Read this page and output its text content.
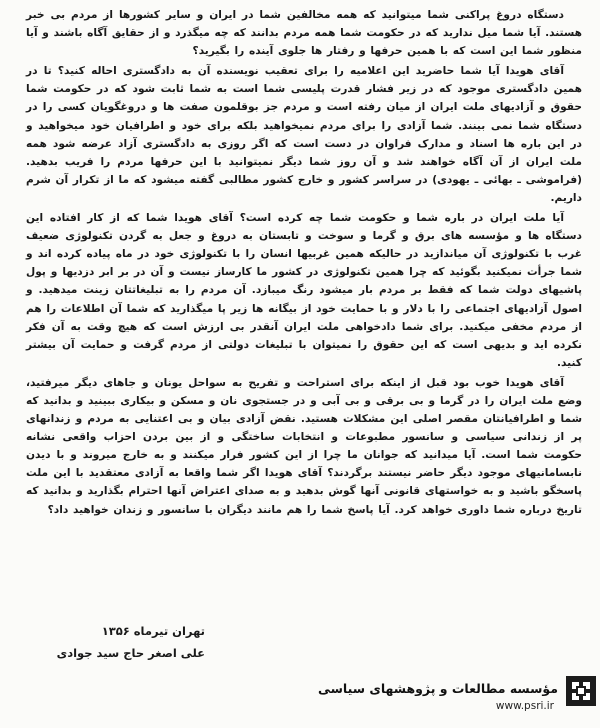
دستگاه دروغ پراکنی شما میتوانید که همه مخالفین شما در ایران و سایر کشورها از مردم بی خبر هستند. آیا شما میل ندارید که در حکومت شما همه مردم بدانند که چه میگذرد و از حقایق آگاه باشند و آیا منظور شما این است که با همین حرفها و رفتار ها جلوی آینده را بگیرید؟

آقای هویدا آیا شما حاضرید این اعلامیه را برای تعقیب نویسنده آن به دادگستری احاله کنید؟ تا در همین دادگستری موجود که در زیر فشار قدرت پلیسی شما است به شما ثابت شود که در حکومت شما حقوق و آزادیهای ملت ایران از میان رفته است و مردم جز بوقلمون صفت ها و دروغگویان کسی را در دستگاه شما نمی بینند. شما آزادی را برای مردم نمیخواهید بلکه برای خود و اطرافیان خود میخواهید و در این باره ها اسناد و مدارک فراوان در دست است که اگر روزی به دادگستری آزاد عرضه شود همه ملت ایران از آن آگاه خواهند شد و آن روز شما دیگر نمیتوانید با این حرفها مردم را فریب بدهید. (فراموشی ـ بهائی ـ یهودی) در سراسر کشور و خارج کشور مطالبی گفته میشود که ما از تکرار آن شرم داریم.

آیا ملت ایران در باره شما و حکومت شما چه کرده است؟ آقای هویدا شما که از کار افتاده این دستگاه ها و مؤسسه های برق و گرما و سوخت و تابستان به دروغ و جعل به گردن تکنولوژی ضعیف غرب با تکنولوژی آن میاندازید در حالیکه همین غربیها انسان را با تکنولوژی خود در ماه پیاده کرده اند و شما جرأت نمیکنید بگوئید که چرا همین تکنولوژی در کشور ما کارساز نیست و آن در بر ابر دزدیها و پول پاشیهای دولت شما که فقط بر مردم بار میشود رنگ میبازد. آن مردم را به تبلیغاتتان زینت میدهید. و اصول آزادیهای اجتماعی را با دلار و با حمایت خود از بیگانه ها زیر پا میگذارید که شما آن اطلاعات را هم از مردم مخفی میکنید. برای شما دادخواهی ملت ایران آنقدر بی ارزش است که هیچ وقت به آن فکر نکرده اید و بدیهی است که این حقوق را نمیتوان با تبلیغات دولتی از مردم گرفت و حمایت آن بیشتر کنید.

آقای هویدا خوب بود قبل از اینکه برای استراحت و تفریح به سواحل یونان و جاهای دیگر میرفتید، وضع ملت ایران را در گرما و بی برقی و بی آبی و در جستجوی نان و مسکن و بیکاری ببینید و بدانید که شما و اطرافیانتان مقصر اصلی این مشکلات هستید. نقض آزادی بیان و بی اعتنایی به مردم و زندانهای پر از زندانی سیاسی و سانسور مطبوعات و انتخابات ساختگی و از بین بردن احزاب واقعی نشانه حکومت شما است. آیا میدانید که جوانان ما چرا از این کشور فرار میکنند و به خارج میروند و با دیدن نابسامانیهای موجود دیگر حاضر نیستند برگردند؟ آقای هویدا اگر شما واقعا به آزادی معتقدید با این ملت پاسخگو باشید و به خواستهای قانونی آنها گوش بدهید و به صدای اعتراض آنها احترام بگذارید و بدانید که تاریخ درباره شما داوری خواهد کرد. آیا پاسخ شما را هم مانند دیگران با سانسور و زندان خواهید داد؟

تهران تیرماه ۱۳۵۶
علی اصغر حاج سید جوادی
مؤسسه مطالعات و پژوهشهای سیاسی
www.psri.ir
